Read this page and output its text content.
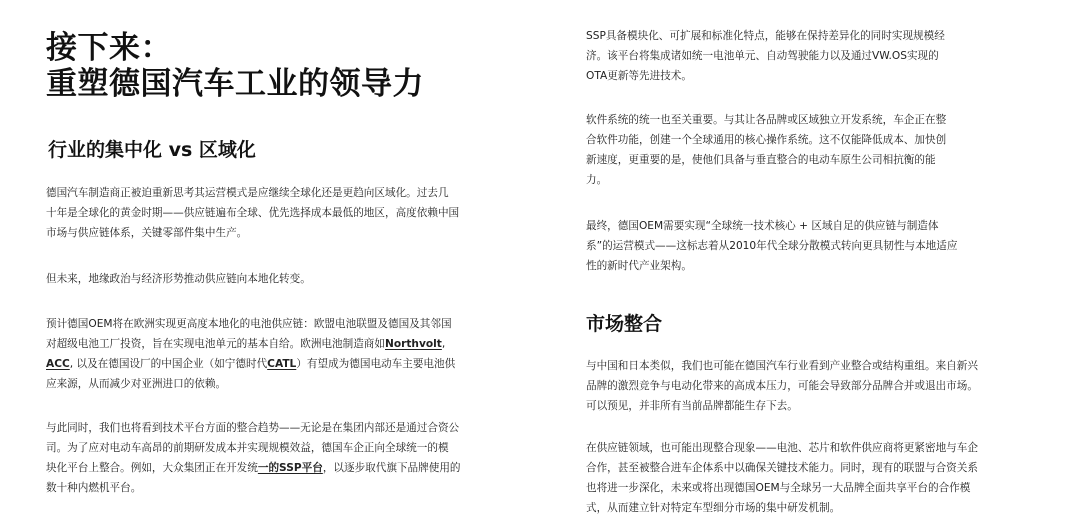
接下来：
重塑德国汽车工业的领导力
行业的集中化 vs 区域化

德国汽车制造商正被迫重新思考其运营模式是应继续全球化还是更趋向区域化。过去几
十年是全球化的黄金时期——供应链遍布全球、优先选择成本最低的地区，高度依赖中国
市场与供应链体系，关键零部件集中生产。

但未来，地缘政治与经济形势推动供应链向本地化转变。

预计德国OEM将在欧洲实现更高度本地化的电池供应链：欧盟电池联盟及德国及其邻国
对超级电池工厂投资，旨在实现电池单元的基本自给。欧洲电池制造商如Northvolt,
ACC, 以及在德国设厂的中国企业（如宁德时代CATL）有望成为德国电动车主要电池供
应来源，从而减少对亚洲进口的依赖。

与此同时，我们也将看到技术平台方面的整合趋势——无论是在集团内部还是通过合资公
司。为了应对电动车高昂的前期研发成本并实现规模效益，德国车企正向全球统一的模
块化平台上整合。例如，大众集团正在开发统一的SSP平台，以逐步取代旗下品牌使用的
数十种内燃机平台。

SSP具备模块化、可扩展和标准化特点，能够在保持差异化的同时实现规模经
济。该平台将集成诸如统一电池单元、自动驾驶能力以及通过VW.OS实现的
OTA更新等先进技术。

软件系统的统一也至关重要。与其让各品牌或区域独立开发系统，车企正在整
合软件功能，创建一个全球通用的核心操作系统。这不仅能降低成本、加快创
新速度，更重要的是，使他们具备与垂直整合的电动车原生公司相抗衡的能
力。

最终，德国OEM需要实现“全球统一技术核心 + 区域自足的供应链与制造体
系”的运营模式——这标志着从2010年代全球分散模式转向更具韧性与本地适应
性的新时代产业架构。

市场整合

与中国和日本类似，我们也可能在德国汽车行业看到产业整合或结构重组。来自新兴
品牌的激烈竞争与电动化带来的高成本压力，可能会导致部分品牌合并或退出市场。
可以预见，并非所有当前品牌都能生存下去。

在供应链领域，也可能出现整合现象——电池、芯片和软件供应商将更紧密地与车企
合作，甚至被整合进车企体系中以确保关键技术能力。同时，现有的联盟与合资关系
也将进一步深化，未来或将出现德国OEM与全球另一大品牌全面共享平台的合作模
式，从而建立针对特定车型细分市场的集中研发机制。
